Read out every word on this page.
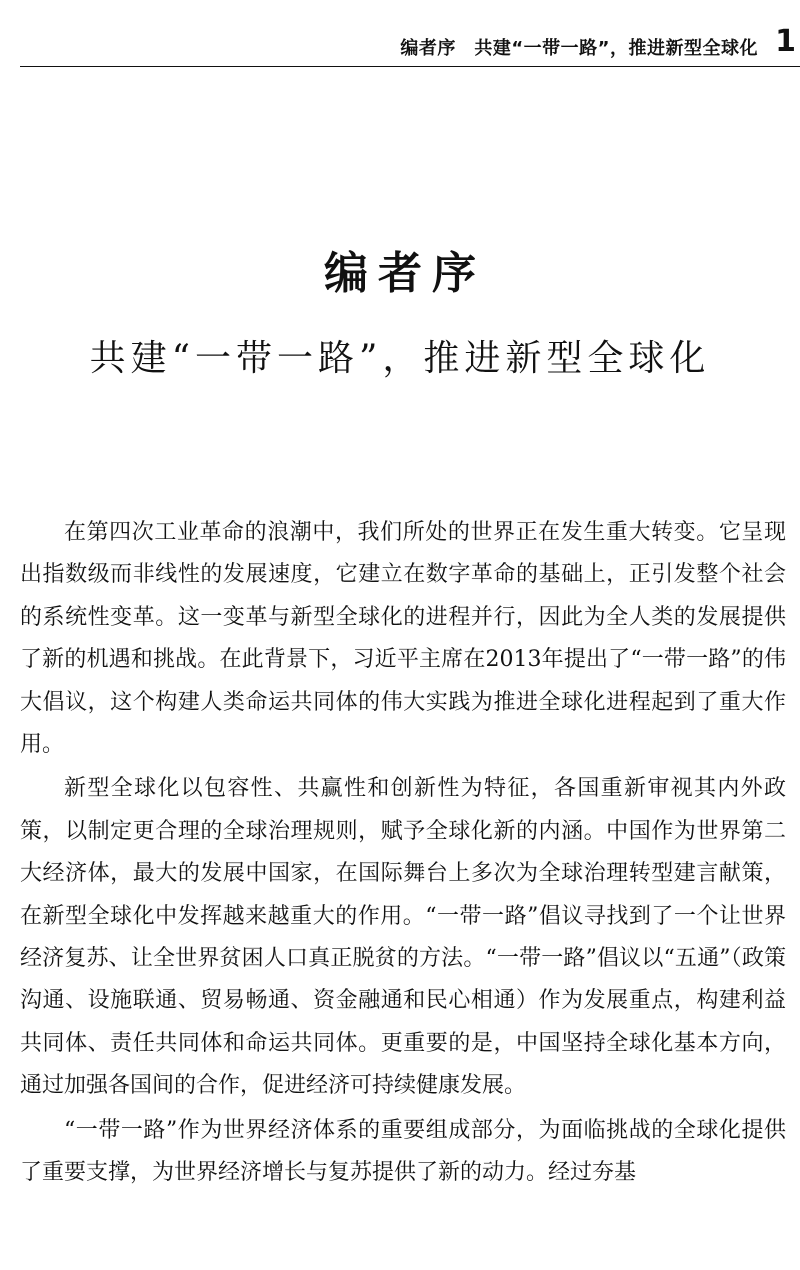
编者序　共建“一带一路”，推进新型全球化 1
编者序
共建“一带一路”，推进新型全球化

在第四次工业革命的浪潮中，我们所处的世界正在发生重大转变。它呈现出指数级而非线性的发展速度，它建立在数字革命的基础上，正引发整个社会的系统性变革。这一变革与新型全球化的进程并行，因此为全人类的发展提供了新的机遇和挑战。在此背景下，习近平主席在2013年提出了“一带一路”的伟大倡议，这个构建人类命运共同体的伟大实践为推进全球化进程起到了重大作用。

新型全球化以包容性、共赢性和创新性为特征，各国重新审视其内外政策，以制定更合理的全球治理规则，赋予全球化新的内涵。中国作为世界第二大经济体，最大的发展中国家，在国际舞台上多次为全球治理转型建言献策，在新型全球化中发挥越来越重大的作用。“一带一路”倡议寻找到了一个让世界经济复苏、让全世界贫困人口真正脱贫的方法。“一带一路”倡议以“五通”（政策沟通、设施联通、贸易畅通、资金融通和民心相通）作为发展重点，构建利益共同体、责任共同体和命运共同体。更重要的是，中国坚持全球化基本方向，通过加强各国间的合作，促进经济可持续健康发展。

“一带一路”作为世界经济体系的重要组成部分，为面临挑战的全球化提供了重要支撑，为世界经济增长与复苏提供了新的动力。经过夯基
